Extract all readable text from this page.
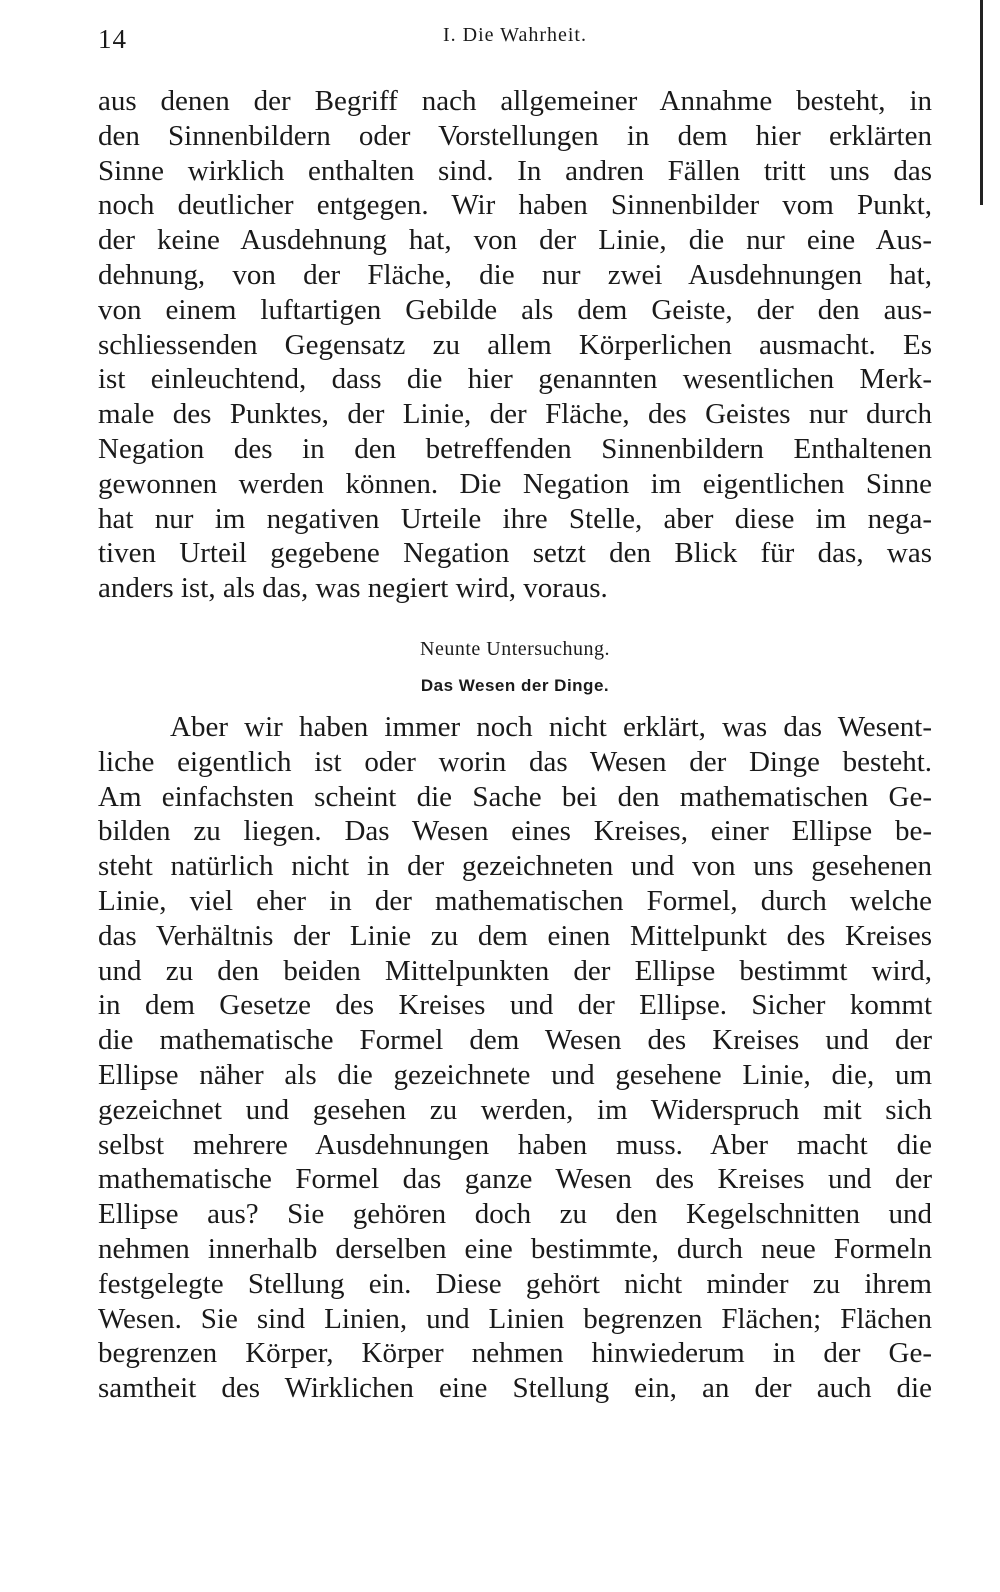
14	I. Die Wahrheit.
aus denen der Begriff nach allgemeiner Annahme besteht, in
den Sinnenbildern oder Vorstellungen in dem hier erklärten
Sinne wirklich enthalten sind. In andren Fällen tritt uns das
noch deutlicher entgegen. Wir haben Sinnenbilder vom Punkt,
der keine Ausdehnung hat, von der Linie, die nur eine Aus-
dehnung, von der Fläche, die nur zwei Ausdehnungen hat,
von einem luftartigen Gebilde als dem Geiste, der den aus-
schliessenden Gegensatz zu allem Körperlichen ausmacht. Es
ist einleuchtend, dass die hier genannten wesentlichen Merk-
male des Punktes, der Linie, der Fläche, des Geistes nur durch
Negation des in den betreffenden Sinnenbildern Enthaltenen
gewonnen werden können. Die Negation im eigentlichen Sinne
hat nur im negativen Urteile ihre Stelle, aber diese im nega-
tiven Urteil gegebene Negation setzt den Blick für das, was
anders ist, als das, was negiert wird, voraus.
Neunte Untersuchung.
Das Wesen der Dinge.
Aber wir haben immer noch nicht erklärt, was das Wesent-
liche eigentlich ist oder worin das Wesen der Dinge besteht.
Am einfachsten scheint die Sache bei den mathematischen Ge-
bilden zu liegen. Das Wesen eines Kreises, einer Ellipse be-
steht natürlich nicht in der gezeichneten und von uns gesehenen
Linie, viel eher in der mathematischen Formel, durch welche
das Verhältnis der Linie zu dem einen Mittelpunkt des Kreises
und zu den beiden Mittelpunkten der Ellipse bestimmt wird,
in dem Gesetze des Kreises und der Ellipse. Sicher kommt
die mathematische Formel dem Wesen des Kreises und der
Ellipse näher als die gezeichnete und gesehene Linie, die, um
gezeichnet und gesehen zu werden, im Widerspruch mit sich
selbst mehrere Ausdehnungen haben muss. Aber macht die
mathematische Formel das ganze Wesen des Kreises und der
Ellipse aus? Sie gehören doch zu den Kegelschnitten und
nehmen innerhalb derselben eine bestimmte, durch neue Formeln
festgelegte Stellung ein. Diese gehört nicht minder zu ihrem
Wesen. Sie sind Linien, und Linien begrenzen Flächen; Flächen
begrenzen Körper, Körper nehmen hinwiederum in der Ge-
samtheit des Wirklichen eine Stellung ein, an der auch die
